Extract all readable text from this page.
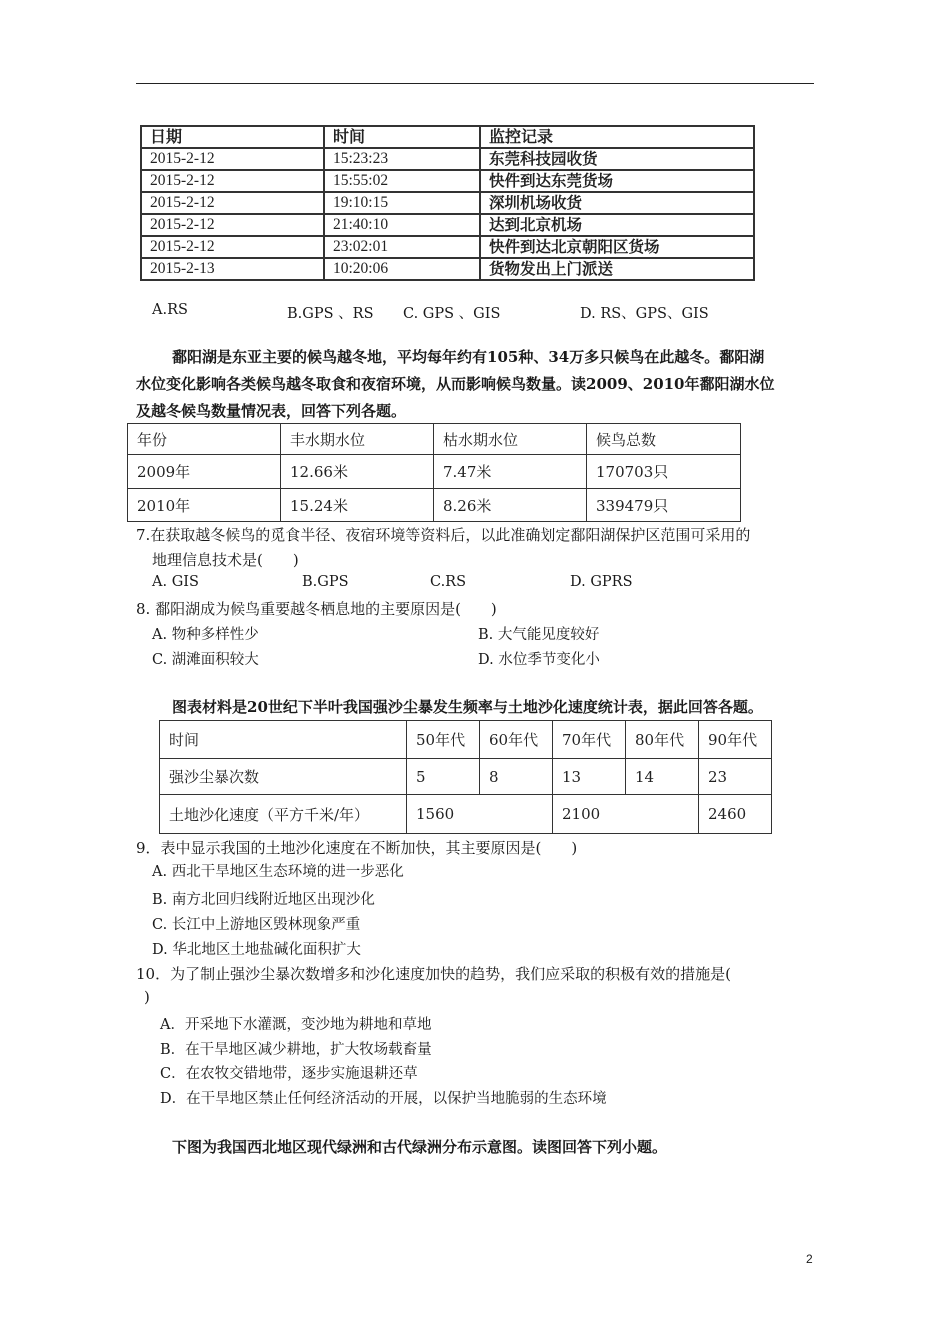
日期	时间	监控记录
2015-2-12	15:23:23	东莞科技园收货
2015-2-12	15:55:02	快件到达东莞货场
2015-2-12	19:10:15	深圳机场收货
2015-2-12	21:40:10	达到北京机场
2015-2-12	23:02:01	快件到达北京朝阳区货场
2015-2-13	10:20:06	货物发出上门派送
A.RS	B.GPS 、RS C. GPS 、GIS	D. RS、GPS、GIS
鄱阳湖是东亚主要的候鸟越冬地，平均每年约有105种、34万多只候鸟在此越冬。鄱阳湖
水位变化影响各类候鸟越冬取食和夜宿环境，从而影响候鸟数量。读2009、2010年鄱阳湖水位
及越冬候鸟数量情况表，回答下列各题。
年份	丰水期水位	枯水期水位	候鸟总数
2009年	12.66米	7.47米	170703只
2010年	15.24米	8.26米	339479只
7.在获取越冬候鸟的觅食半径、夜宿环境等资料后，以此准确划定鄱阳湖保护区范围可采用的
地理信息技术是(　　)
A. GIS	B.GPS	C.RS	D. GPRS
8. 鄱阳湖成为候鸟重要越冬栖息地的主要原因是(　　)
A. 物种多样性少	B. 大气能见度较好
C. 湖滩面积较大	D. 水位季节变化小
图表材料是20世纪下半叶我国强沙尘暴发生频率与土地沙化速度统计表，据此回答各题。
时间	50年代	60年代	70年代	80年代	90年代
强沙尘暴次数	5	8	13	14	23
土地沙化速度（平方千米/年）	1560		2100		2460
9．表中显示我国的土地沙化速度在不断加快，其主要原因是(　　)
A. 西北干旱地区生态环境的进一步恶化
B. 南方北回归线附近地区出现沙化
C. 长江中上游地区毁林现象严重
D. 华北地区土地盐碱化面积扩大
10．为了制止强沙尘暴次数增多和沙化速度加快的趋势，我们应采取的积极有效的措施是(
)
A．开采地下水灌溉，变沙地为耕地和草地
B．在干旱地区减少耕地，扩大牧场载畜量
C．在农牧交错地带，逐步实施退耕还草
D．在干旱地区禁止任何经济活动的开展，以保护当地脆弱的生态环境
下图为我国西北地区现代绿洲和古代绿洲分布示意图。读图回答下列小题。
2
